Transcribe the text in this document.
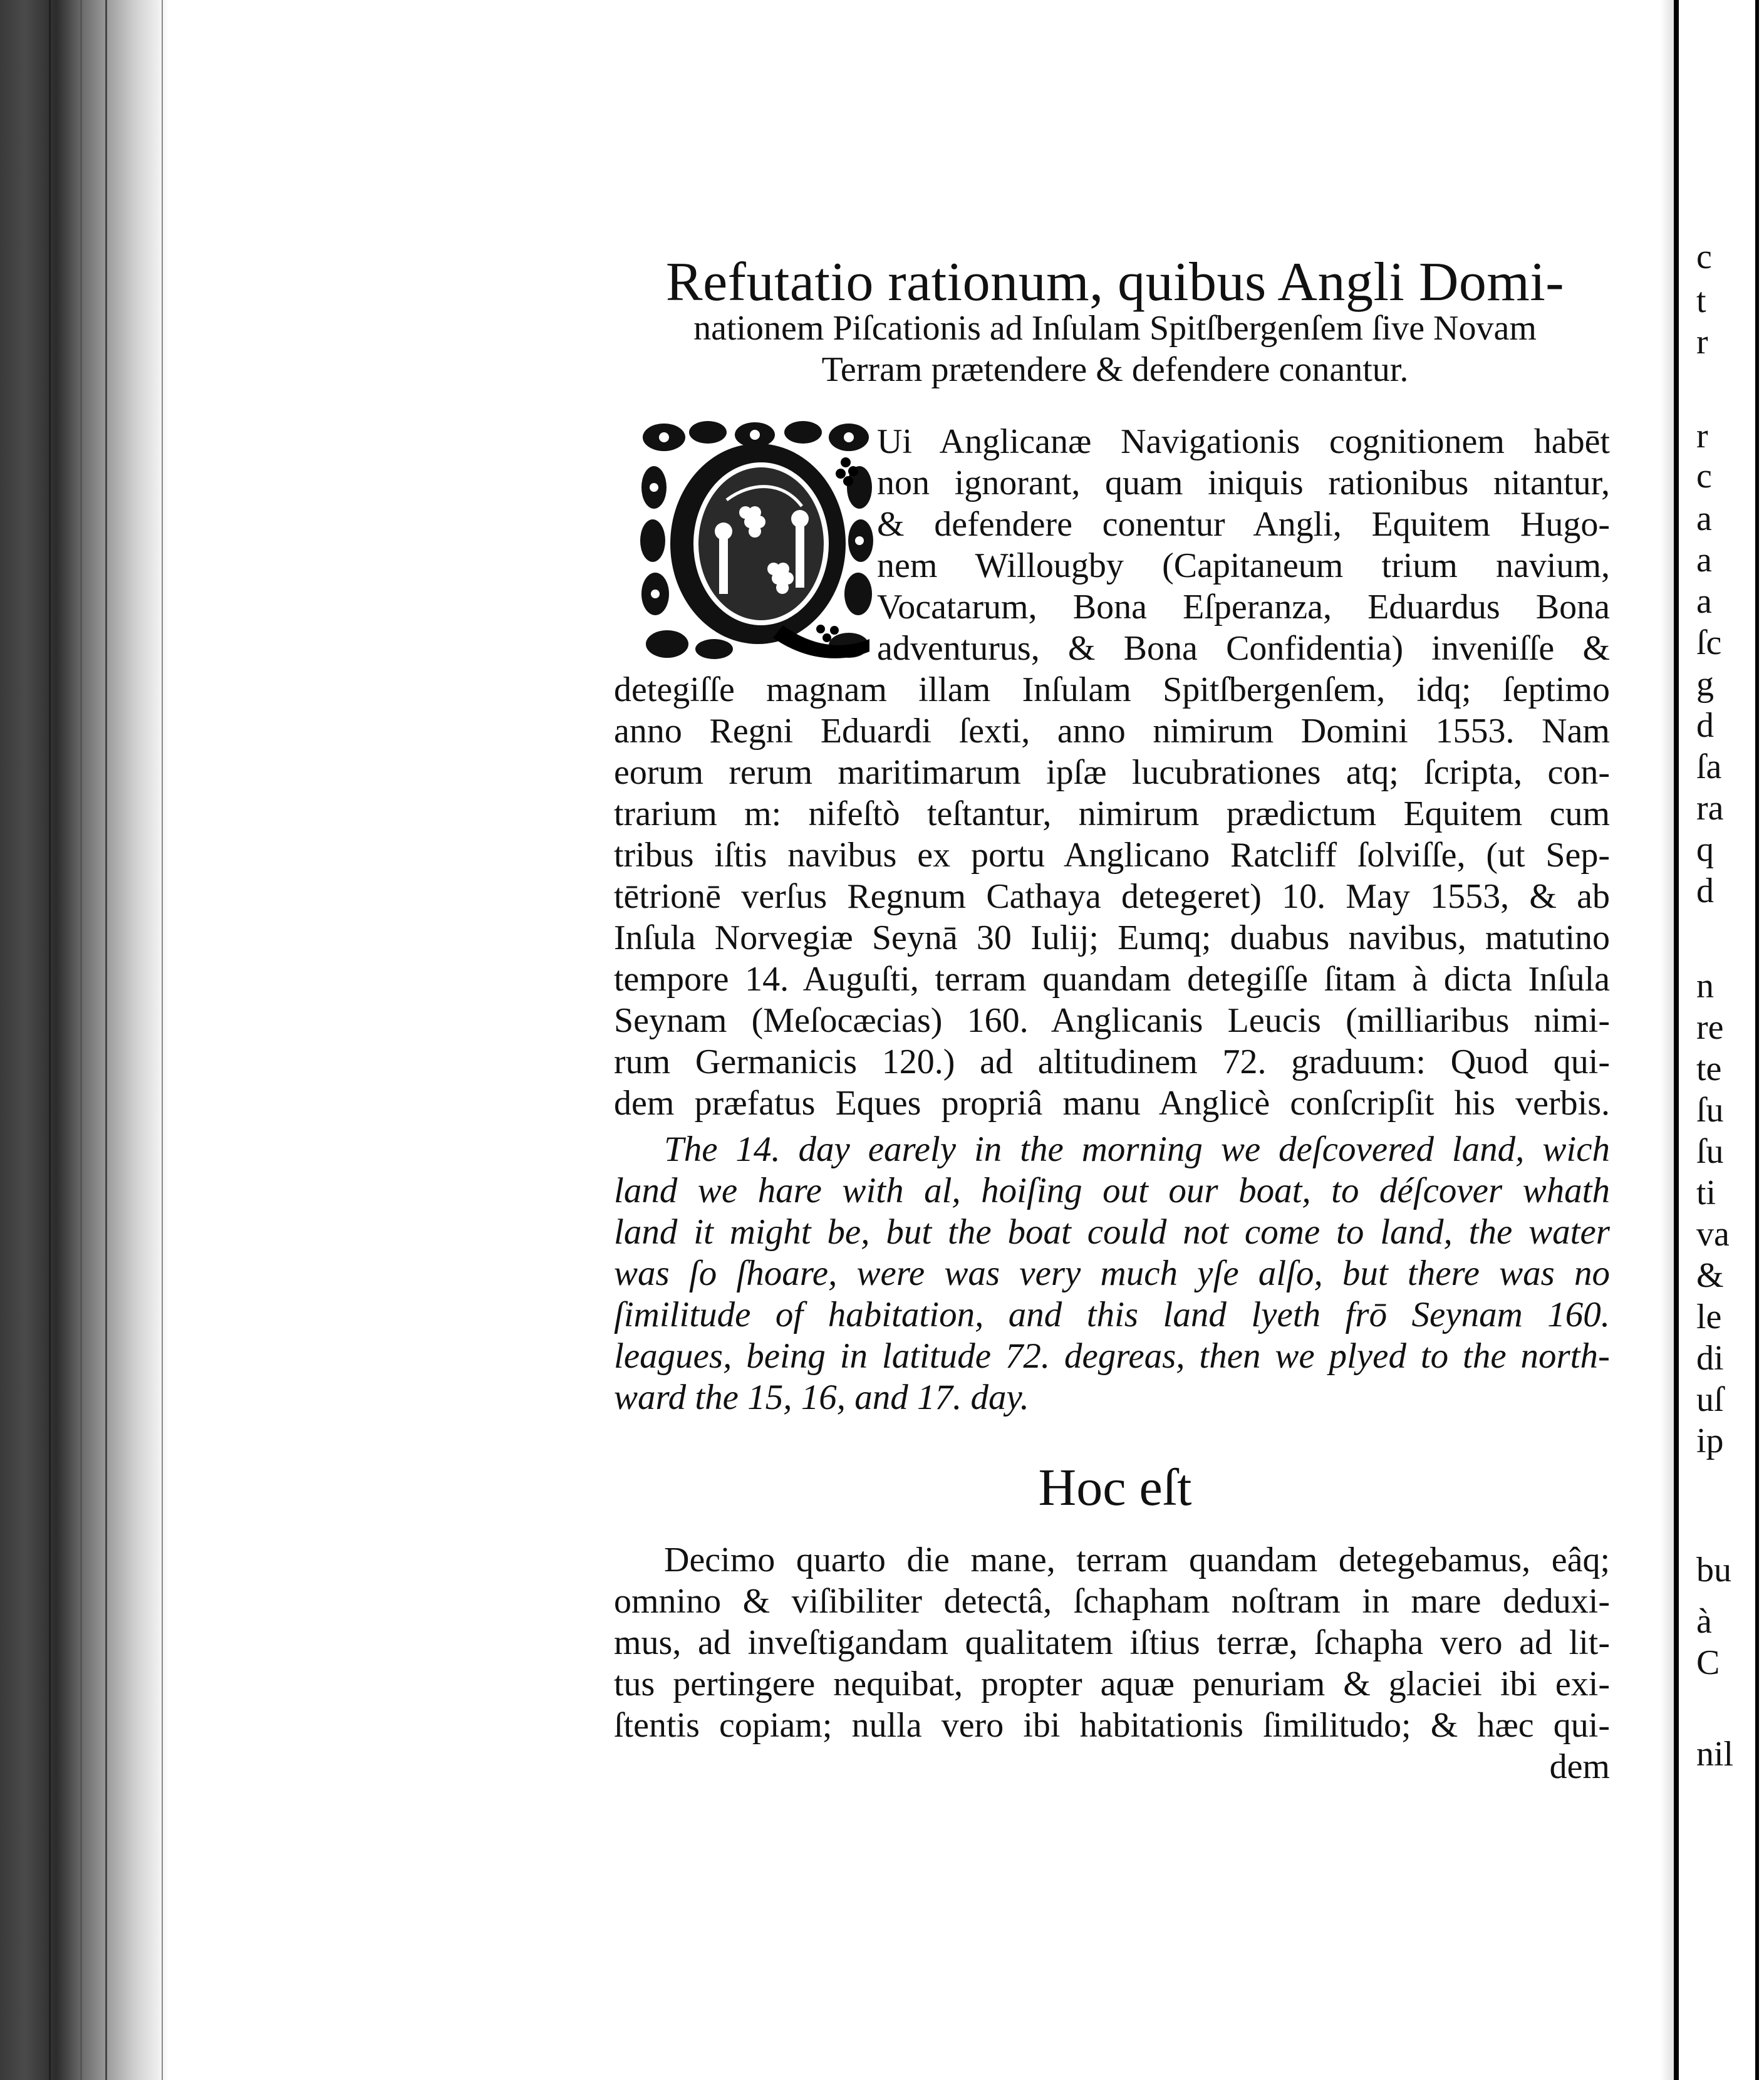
c
t
r
r
c
a
a
a
ſc
g
d
ſa
ra
q
d
n
re
te
ſu
ſu
ti
va
&
le
di
uſ
ip
bu
à
C
nil
Refutatio rationum, quibus Angli Domi-
nationem Piſcationis ad Inſulam Spitſbergenſem ſive Novam
Terram prætendere & defendere conantur.
Ui Anglicanæ Navigationis cognitionem habēt
non ignorant, quam iniquis rationibus nitantur,
& defendere conentur Angli, Equitem Hugo-
nem Willougby (Capitaneum trium navium,
Vocatarum, Bona Eſperanza, Eduardus Bona
adventurus, & Bona Confidentia) inveniſſe &
detegiſſe magnam illam Inſulam Spitſbergenſem, idq; ſeptimo
anno Regni Eduardi ſexti, anno nimirum Domini 1553. Nam
eorum rerum maritimarum ipſæ lucubrationes atq; ſcripta, con-
trarium m: nifeſtò teſtantur, nimirum prædictum Equitem cum
tribus iſtis navibus ex portu Anglicano Ratcliff ſolviſſe, (ut Sep-
tētrionē verſus Regnum Cathaya detegeret) 10. May 1553, & ab
Inſula Norvegiæ Seynā 30 Iulij; Eumq; duabus navibus, matutino
tempore 14. Auguſti, terram quandam detegiſſe ſitam à dicta Inſula
Seynam (Meſocæcias) 160. Anglicanis Leucis (milliaribus nimi-
rum Germanicis 120.) ad altitudinem 72. graduum: Quod qui-
dem præfatus Eques propriâ manu Anglicè conſcripſit his verbis.
The 14. day earely in the morning we deſcovered land, wich
land we hare with al, hoiſing out our boat, to déſcover whath
land it might be, but the boat could not come to land, the water
was ſo ſhoare, were was very much yſe alſo, but there was no
ſimilitude of habitation, and this land lyeth frō Seynam 160.
leagues, being in latitude 72. degreas, then we plyed to the north-
ward the 15, 16, and 17. day.
Hoc eſt
Decimo quarto die mane, terram quandam detegebamus, eâq;
omnino & viſibiliter detectâ, ſchapham noſtram in mare deduxi-
mus, ad inveſtigandam qualitatem iſtius terræ, ſchapha vero ad lit-
tus pertingere nequibat, propter aquæ penuriam & glaciei ibi exi-
ſtentis copiam; nulla vero ibi habitationis ſimilitudo; & hæc qui-
dem
